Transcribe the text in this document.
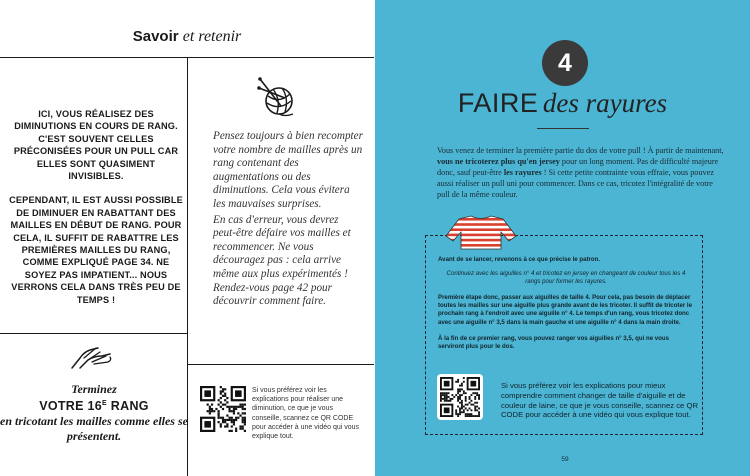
Savoir et retenir

ICI, VOUS RÉALISEZ DES DIMINUTIONS EN COURS DE RANG. C'EST SOUVENT CELLES PRÉCONISÉES POUR UN PULL CAR ELLES SONT QUASIMENT INVISIBLES.

CEPENDANT, IL EST AUSSI POSSIBLE DE DIMINUER EN RABATTANT DES MAILLES EN DÉBUT DE RANG. POUR CELA, IL SUFFIT DE RABATTRE LES PREMIÈRES MAILLES DU RANG, COMME EXPLIQUÉ PAGE 34. NE SOYEZ PAS IMPATIENT... NOUS VERRONS CELA DANS TRÈS PEU DE TEMPS !

Pensez toujours à bien recompter votre nombre de mailles après un rang contenant des augmentations ou des diminutions. Cela vous évitera les mauvaises surprises.

En cas d'erreur, vous devrez peut-être défaire vos mailles et recommencer. Ne vous découragez pas : cela arrive même aux plus expérimentés ! Rendez-vous page 42 pour découvrir comment faire.

Terminez
VOTRE $16^E$ RANG
en tricotant les mailles comme elles se présentent.
Si vous préférez voir les explications pour réaliser une diminution, ce que je vous conseille, scannez ce QR CODE pour accéder à une vidéo qui vous explique tout.
4
FAIRE des rayures
Vous venez de terminer la première partie du dos de votre pull ! À partir de maintenant, vous ne tricoterez plus qu'en jersey pour un long moment. Pas de difficulté majeure donc, sauf peut-être les rayures ! Si cette petite contrainte vous effraie, vous pouvez aussi réaliser un pull uni pour commencer. Dans ce cas, tricotez l'intégralité de votre pull de la même couleur.
Avant de se lancer, revenons à ce que précise le patron.
Continuez avec les aiguilles n° 4 et tricotez en jersey en changeant de couleur tous les 4 rangs pour former les rayures.
Première étape donc, passer aux aiguilles de taille 4. Pour cela, pas besoin de déplacer toutes les mailles sur une aiguille plus grande avant de les tricoter. Il suffit de tricoter le prochain rang à l'endroit avec une aiguille n° 4. Le temps d'un rang, vous tricotez donc avec une aiguille n° 3,5 dans la main gauche et une aiguille n° 4 dans la main droite.
À la fin de ce premier rang, vous pouvez ranger vos aiguilles n° 3,5, qui ne vous serviront plus pour le dos.
Si vous préférez voir les explications pour mieux comprendre comment changer de taille d'aiguille et de couleur de laine, ce que je vous conseille, scannez ce QR CODE pour accéder à une vidéo qui vous explique tout.
59
